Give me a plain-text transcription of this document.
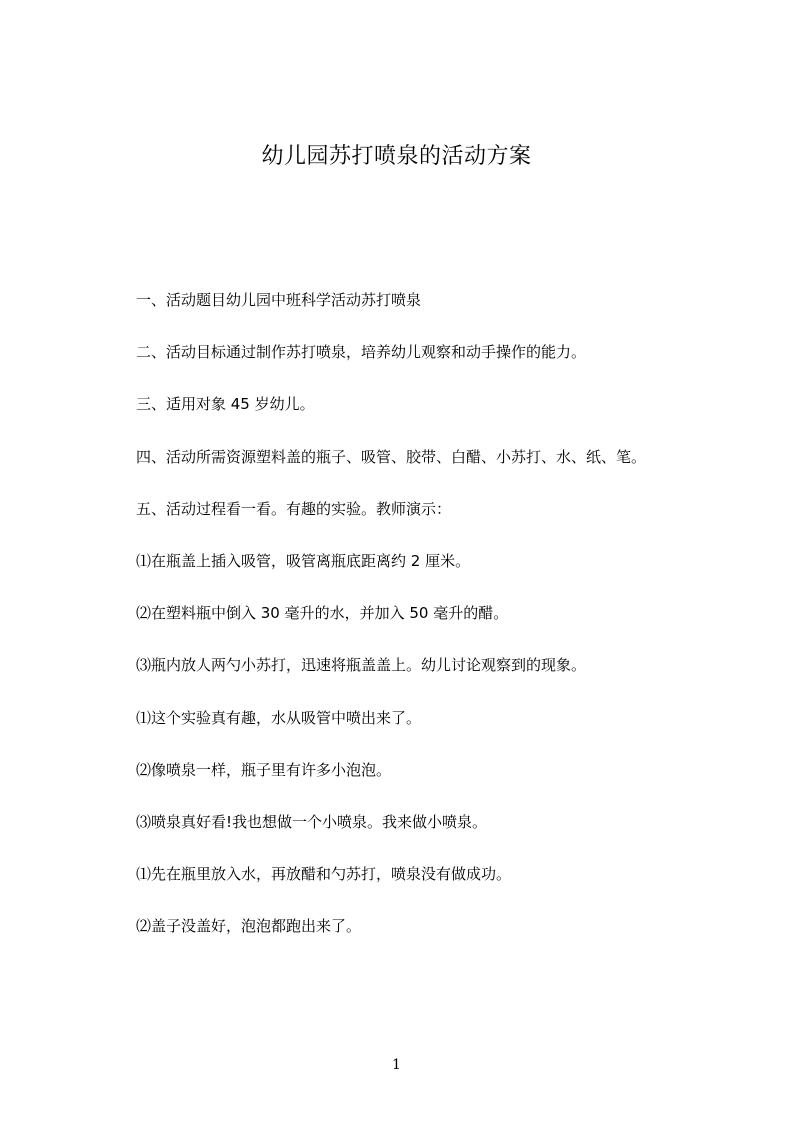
幼儿园苏打喷泉的活动方案
一、活动题目幼儿园中班科学活动苏打喷泉
二、活动目标通过制作苏打喷泉，培养幼儿观察和动手操作的能力。
三、适用对象 45 岁幼儿。
四、活动所需资源塑料盖的瓶子、吸管、胶带、白醋、小苏打、水、纸、笔。
五、活动过程看一看。有趣的实验。教师演示：
⑴在瓶盖上插入吸管，吸管离瓶底距离约 2 厘米。
⑵在塑料瓶中倒入 30 毫升的水，并加入 50 毫升的醋。
⑶瓶内放人两勺小苏打，迅速将瓶盖盖上。幼儿讨论观察到的现象。
⑴这个实验真有趣，水从吸管中喷出来了。
⑵像喷泉一样，瓶子里有许多小泡泡。
⑶喷泉真好看!我也想做一个小喷泉。我来做小喷泉。
⑴先在瓶里放入水，再放醋和勺苏打，喷泉没有做成功。
⑵盖子没盖好，泡泡都跑出来了。
1
